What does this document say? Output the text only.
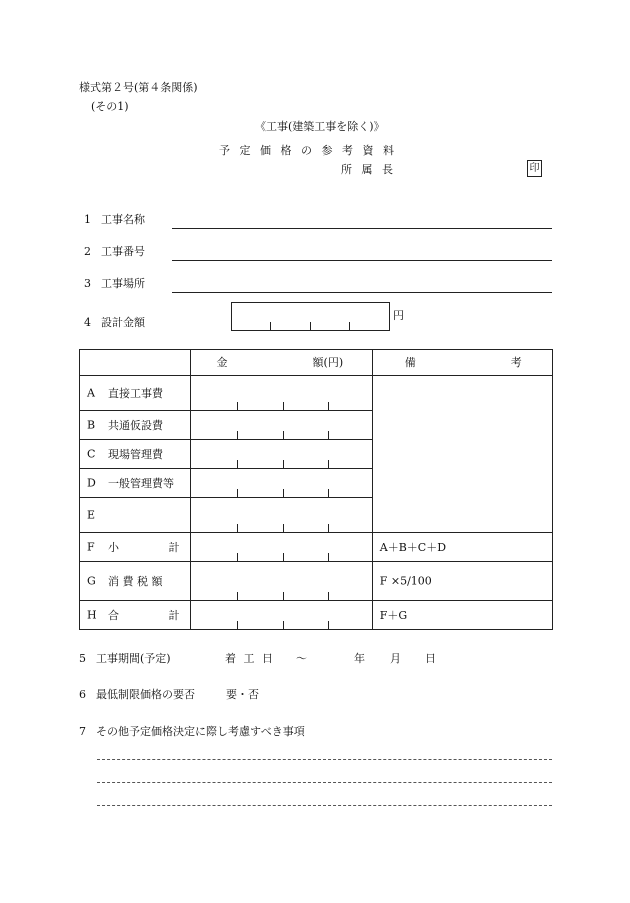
様式第２号(第４条関係)
(その1)
《工事(建築工事を除く)》
予 定 価 格 の 参 考 資 料
所 属 長	印
1 工事名称
2 工事番号
3 工事場所
4 設計金額
円

	金 額(円)	備 考

A 直接工事費		

B 共通仮設費		

C 現場管理費		

D 一般管理費等		

E		

F 小 計		A＋B＋C＋D

G 消 費 税 額		F ×5/100

H 合 計		F＋G
5 工事期間(予定)	着 工 日 〜	年 月 日
6 最低制限価格の要否	要・否
7 その他予定価格決定に際し考慮すべき事項
